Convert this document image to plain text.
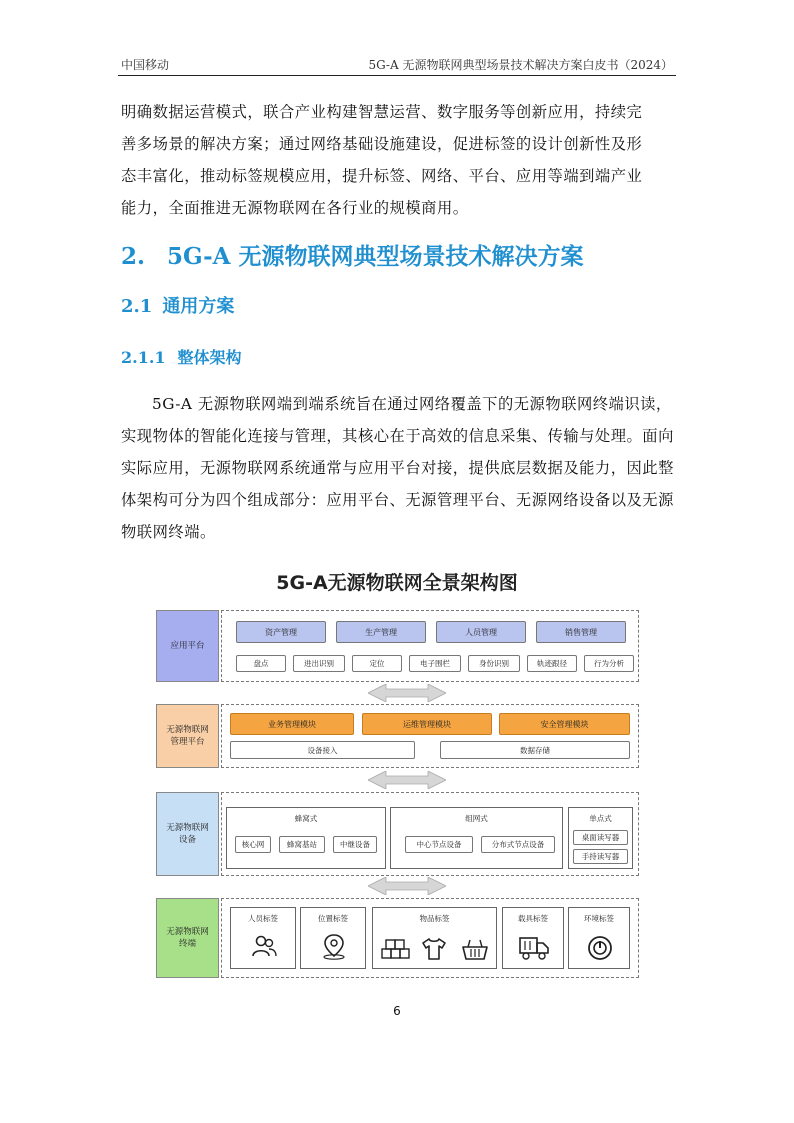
中国移动	5G-A 无源物联网典型场景技术解决方案白皮书（2024）

明确数据运营模式，联合产业构建智慧运营、数字服务等创新应用，持续完
善多场景的解决方案；通过网络基础设施建设，促进标签的设计创新性及形
态丰富化，推动标签规模应用，提升标签、网络、平台、应用等端到端产业
能力，全面推进无源物联网在各行业的规模商用。

2. 5G-A 无源物联网典型场景技术解决方案
2.1 通用方案
2.1.1 整体架构

5G-A 无源物联网端到端系统旨在通过网络覆盖下的无源物联网终端识读，
实现物体的智能化连接与管理，其核心在于高效的信息采集、传输与处理。面向
实际应用，无源物联网系统通常与应用平台对接，提供底层数据及能力，因此整
体架构可分为四个组成部分：应用平台、无源管理平台、无源网络设备以及无源
物联网终端。

5G-A无源物联网全景架构图
应用平台
资产管理	生产管理	人员管理	销售管理
盘点	进出识别	定位	电子围栏	身份识别	轨迹跟径	行为分析
无源物联网
管理平台
业务管理模块	运维管理模块	安全管理模块
设备接入	数据存储
无源物联网
设备
蜂窝式
核心网	蜂窝基站	中继设备
组网式
中心节点设备	分布式节点设备
单点式
桌面读写器
手持读写器
无源物联网
终端
人员标签	位置标签	物品标签	载具标签	环境标签
6
